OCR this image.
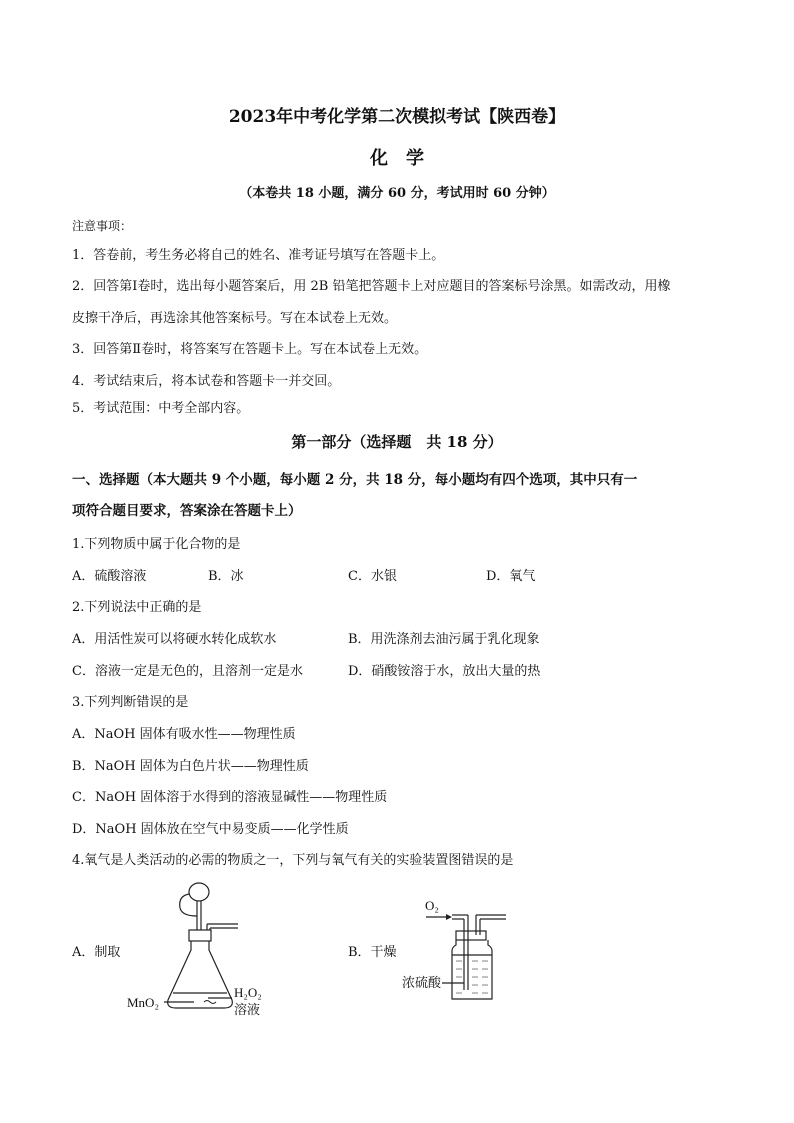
2023年中考化学第二次模拟考试【陕西卷】
化　学
（本卷共 18 小题，满分 60 分，考试用时 60 分钟）
注意事项：
1．答卷前，考生务必将自己的姓名、准考证号填写在答题卡上。
2．回答第Ⅰ卷时，选出每小题答案后，用 2B 铅笔把答题卡上对应题目的答案标号涂黑。如需改动，用橡
皮擦干净后，再选涂其他答案标号。写在本试卷上无效。
3．回答第Ⅱ卷时，将答案写在答题卡上。写在本试卷上无效。
4．考试结束后，将本试卷和答题卡一并交回。
5．考试范围：中考全部内容。
第一部分（选择题　共 18 分）
一、选择题（本大题共 9 个小题，每小题 2 分，共 18 分，每小题均有四个选项，其中只有一
项符合题目要求，答案涂在答题卡上）
1.下列物质中属于化合物的是
A．硫酸溶液	B．冰	C．水银	D．氧气
2.下列说法中正确的是
A．用活性炭可以将硬水转化成软水	B．用洗涤剂去油污属于乳化现象
C．溶液一定是无色的，且溶剂一定是水	D．硝酸铵溶于水，放出大量的热
3.下列判断错误的是
A．NaOH 固体有吸水性——物理性质
B．NaOH 固体为白色片状——物理性质
C．NaOH 固体溶于水得到的溶液显碱性——物理性质
D．NaOH 固体放在空气中易变质——化学性质
4.氧气是人类活动的必需的物质之一，下列与氧气有关的实验装置图错误的是
A．制取	B．干燥
MnO₂
H₂O₂
溶液
O₂
浓硫酸
